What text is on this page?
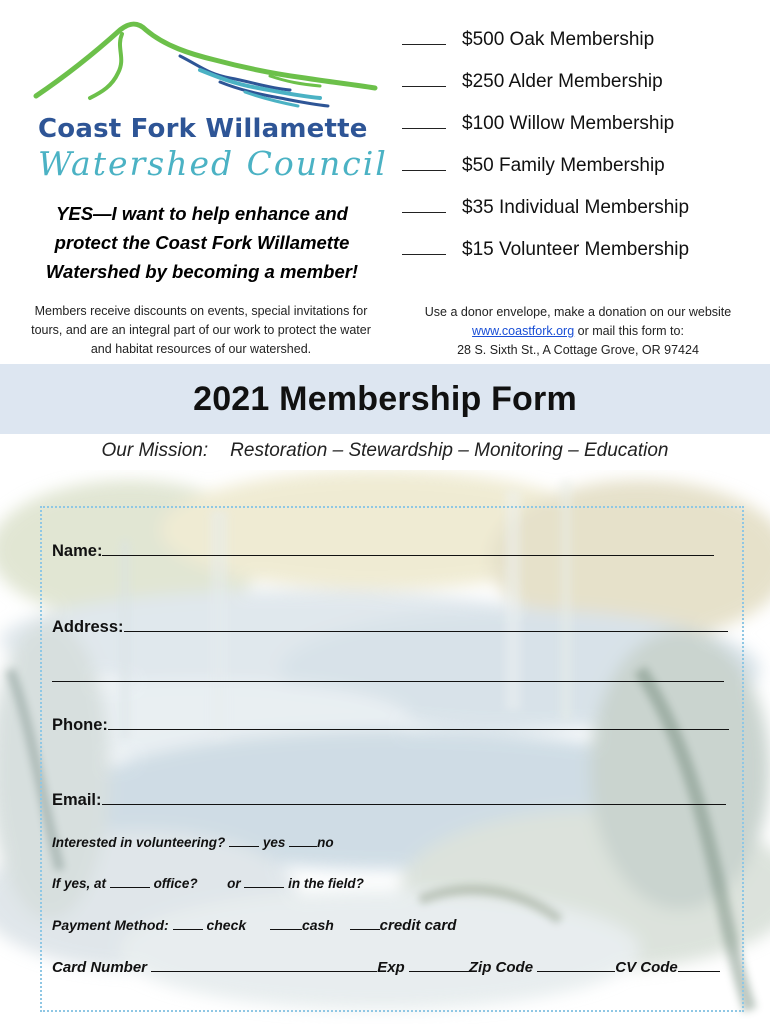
Coast Fork Willamette
Watershed Council
YES—I want to help enhance and protect the Coast Fork Willamette Watershed by becoming a member!
Members receive discounts on events, special invitations for tours, and are an integral part of our work to protect the water and habitat resources of our watershed.
$500 Oak Membership
$250 Alder Membership
$100 Willow Membership
$50 Family Membership
$35 Individual Membership
$15 Volunteer Membership
Use a donor envelope, make a donation on our website www.coastfork.org or mail this form to:
28 S. Sixth St., A Cottage Grove, OR 97424
2021 Membership Form
Our Mission: Restoration – Stewardship – Monitoring – Education
Name:
Address:
Phone:
Email:
Interested in volunteering?	yes no
If yes, at	office? or	in the field?
Payment Method:	check	cash	credit card
Card Number	Exp	Zip Code	CV Code
